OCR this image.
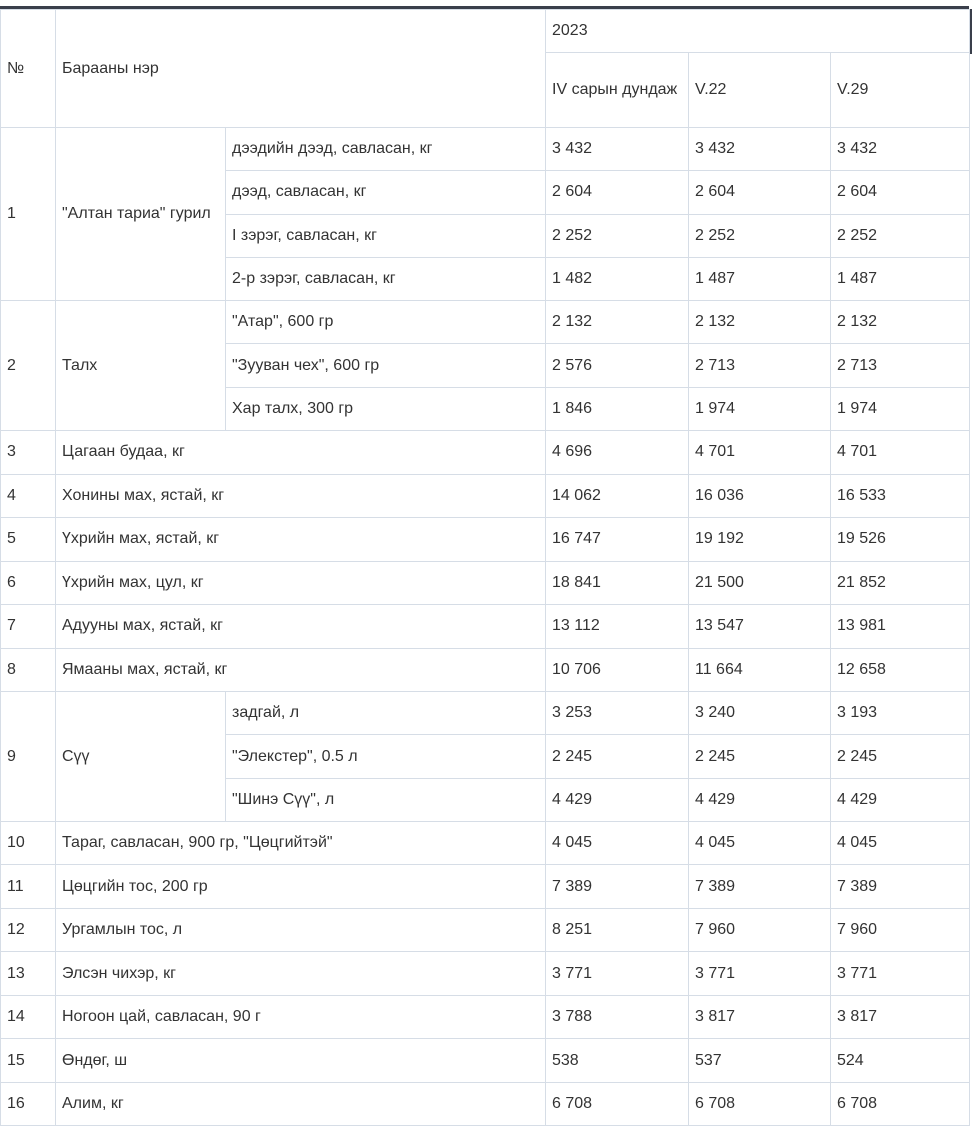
№	Барааны нэр		2023		
			IV сарын дундаж	V.22	V.29
1	"Алтан тариа" гурил	дээдийн дээд, савласан, кг	3 432	3 432	3 432
		дээд, савласан, кг	2 604	2 604	2 604
		I зэрэг, савласан, кг	2 252	2 252	2 252
		2-р зэрэг, савласан, кг	1 482	1 487	1 487
2	Талх	"Атар", 600 гр	2 132	2 132	2 132
		"Зууван чех", 600 гр	2 576	2 713	2 713
		Хар талх, 300 гр	1 846	1 974	1 974
3	Цагаан будаа, кг		4 696	4 701	4 701
4	Хонины мах, ястай, кг		14 062	16 036	16 533
5	Үхрийн мах, ястай, кг		16 747	19 192	19 526
6	Үхрийн мах, цул, кг		18 841	21 500	21 852
7	Адууны мах, ястай, кг		13 112	13 547	13 981
8	Ямааны мах, ястай, кг		10 706	11 664	12 658
9	Сүү	задгай, л	3 253	3 240	3 193
		"Элекстер", 0.5 л	2 245	2 245	2 245
		"Шинэ Сүү", л	4 429	4 429	4 429
10	Тараг, савласан, 900 гр, "Цөцгийтэй"		4 045	4 045	4 045
11	Цөцгийн тос, 200 гр		7 389	7 389	7 389
12	Ургамлын тос, л		8 251	7 960	7 960
13	Элсэн чихэр, кг		3 771	3 771	3 771
14	Ногоон цай, савласан, 90 г		3 788	3 817	3 817
15	Өндөг, ш		538	537	524
16	Алим, кг		6 708	6 708	6 708
